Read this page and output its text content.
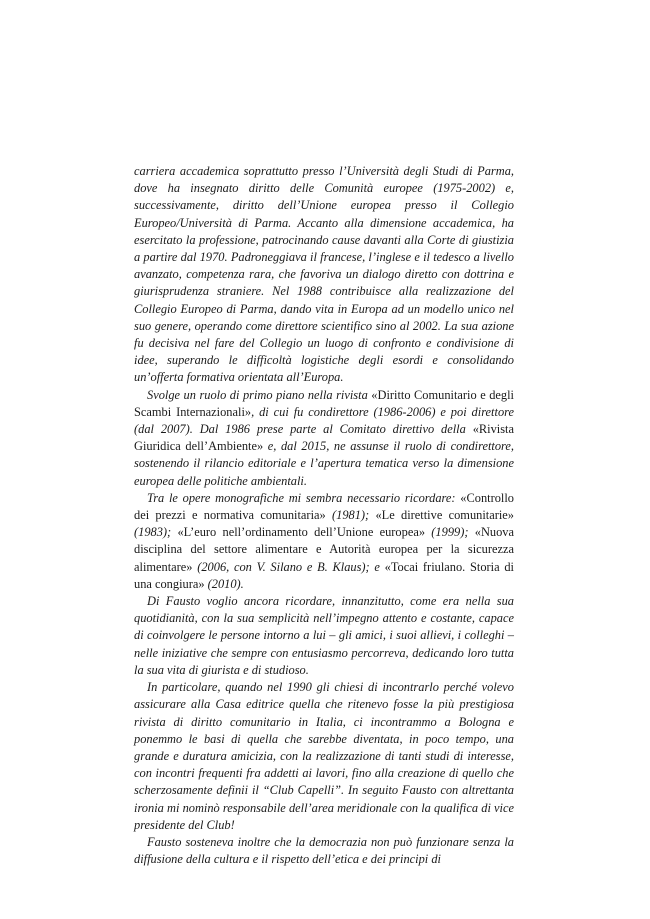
carriera accademica soprattutto presso l’Università degli Studi di Parma, dove ha insegnato diritto delle Comunità europee (1975-2002) e, successivamente, diritto dell’Unione europea presso il Collegio Europeo/Università di Parma. Accanto alla dimensione accademica, ha esercitato la professione, patrocinando cause davanti alla Corte di giustizia a partire dal 1970. Padroneggiava il francese, l’inglese e il tedesco a livello avanzato, competenza rara, che favoriva un dialogo diretto con dottrina e giurisprudenza straniere. Nel 1988 contribuisce alla realizzazione del Collegio Europeo di Parma, dando vita in Europa ad un modello unico nel suo genere, operando come direttore scientifico sino al 2002. La sua azione fu decisiva nel fare del Collegio un luogo di confronto e condivisione di idee, superando le difficoltà logistiche degli esordi e consolidando un’offerta formativa orientata all’Europa.

Svolge un ruolo di primo piano nella rivista «Diritto Comunitario e degli Scambi Internazionali», di cui fu condirettore (1986-2006) e poi direttore (dal 2007). Dal 1986 prese parte al Comitato direttivo della «Rivista Giuridica dell’Ambiente» e, dal 2015, ne assunse il ruolo di condirettore, sostenendo il rilancio editoriale e l’apertura tematica verso la dimensione europea delle politiche ambientali.

Tra le opere monografiche mi sembra necessario ricordare: «Controllo dei prezzi e normativa comunitaria» (1981); «Le direttive comunitarie» (1983); «L’euro nell’ordinamento dell’Unione europea» (1999); «Nuova disciplina del settore alimentare e Autorità europea per la sicurezza alimentare» (2006, con V. Silano e B. Klaus); e «Tocai friulano. Storia di una congiura» (2010).

Di Fausto voglio ancora ricordare, innanzitutto, come era nella sua quotidianità, con la sua semplicità nell’impegno attento e costante, capace di coinvolgere le persone intorno a lui – gli amici, i suoi allievi, i colleghi – nelle iniziative che sempre con entusiasmo percorreva, dedicando loro tutta la sua vita di giurista e di studioso.

In particolare, quando nel 1990 gli chiesi di incontrarlo perché volevo assicurare alla Casa editrice quella che ritenevo fosse la più prestigiosa rivista di diritto comunitario in Italia, ci incontrammo a Bologna e ponemmo le basi di quella che sarebbe diventata, in poco tempo, una grande e duratura amicizia, con la realizzazione di tanti studi di interesse, con incontri frequenti fra addetti ai lavori, fino alla creazione di quello che scherzosamente definii il “Club Capelli”. In seguito Fausto con altrettanta ironia mi nominò responsabile dell’area meridionale con la qualifica di vice presidente del Club!

Fausto sosteneva inoltre che la democrazia non può funzionare senza la diffusione della cultura e il rispetto dell’etica e dei principi di
